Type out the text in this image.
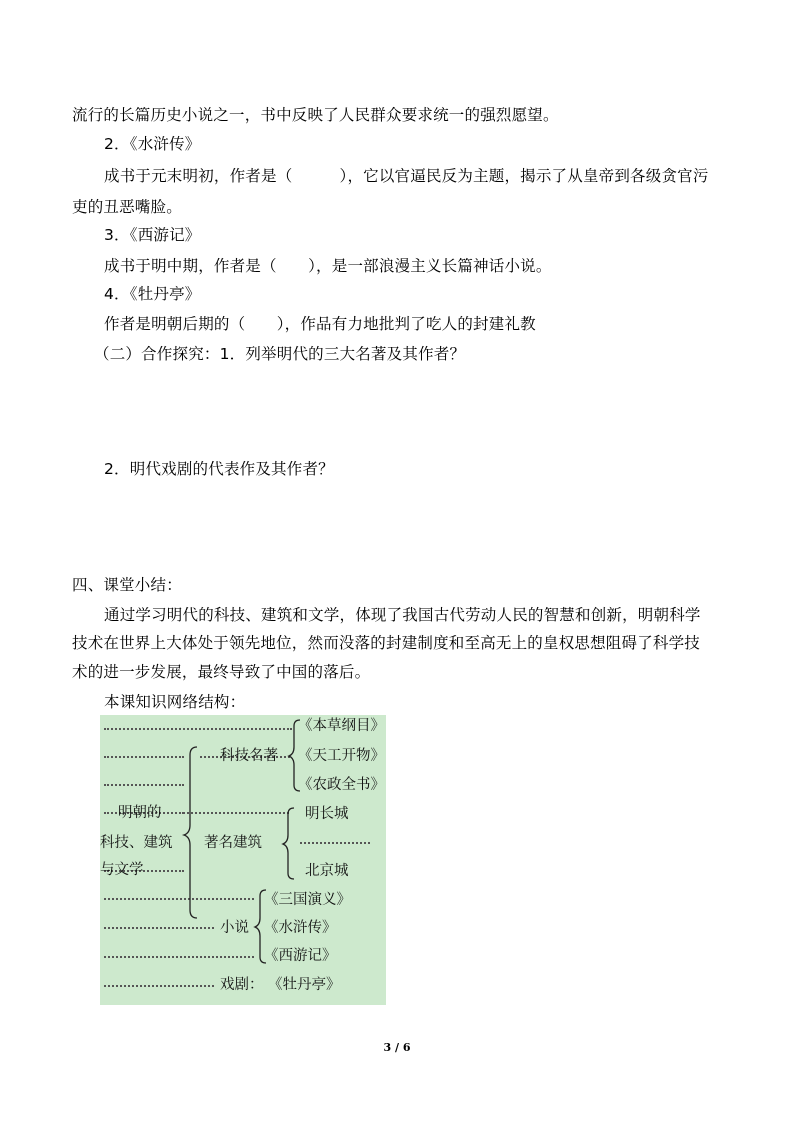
流行的长篇历史小说之一，书中反映了人民群众要求统一的强烈愿望。
2．《水浒传》
成书于元末明初，作者是（　　　），它以官逼民反为主题，揭示了从皇帝到各级贪官污
吏的丑恶嘴脸。
3．《西游记》
成书于明中期，作者是（　　），是一部浪漫主义长篇神话小说。
4．《牡丹亭》
作者是明朝后期的（　　），作品有力地批判了吃人的封建礼教
（二）合作探究：1．列举明代的三大名著及其作者？
2．明代戏剧的代表作及其作者？
四、课堂小结：
通过学习明代的科技、建筑和文学，体现了我国古代劳动人民的智慧和创新，明朝科学
技术在世界上大体处于领先地位，然而没落的封建制度和至高无上的皇权思想阻碍了科学技
术的进一步发展，最终导致了中国的落后。
本课知识网络结构：
明朝的
科技、建筑
与文学
科技名著
《本草纲目》
《天工开物》
《农政全书》
著名建筑
明长城
北京城
小说
《三国演义》
《水浒传》
《西游记》
戏剧： 《牡丹亭》
3 / 6
